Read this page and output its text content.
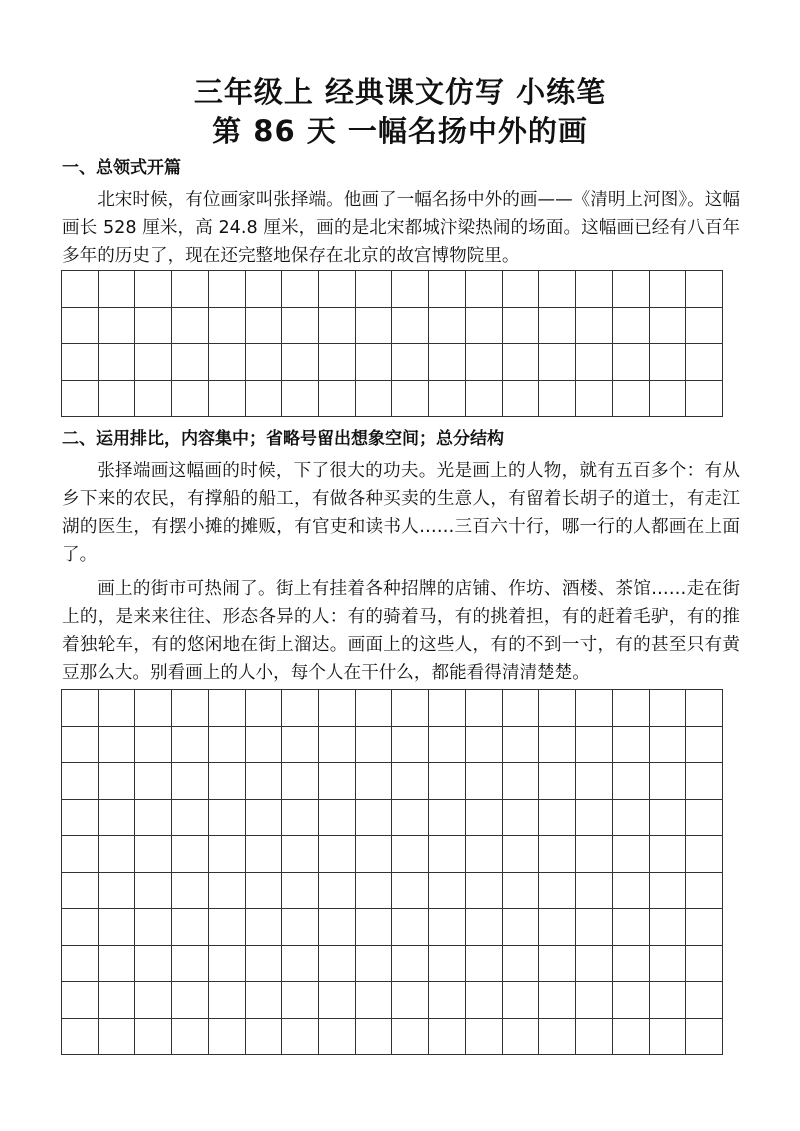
三年级上 经典课文仿写 小练笔
第 86 天 一幅名扬中外的画
一、总领式开篇

北宋时候，有位画家叫张择端。他画了一幅名扬中外的画——《清明上河图》。这幅画长 528 厘米，高 24.8 厘米，画的是北宋都城汴梁热闹的场面。这幅画已经有八百年多年的历史了，现在还完整地保存在北京的故宫博物院里。

二、运用排比，内容集中；省略号留出想象空间；总分结构

张择端画这幅画的时候，下了很大的功夫。光是画上的人物，就有五百多个：有从乡下来的农民，有撑船的船工，有做各种买卖的生意人，有留着长胡子的道士，有走江湖的医生，有摆小摊的摊贩，有官吏和读书人……三百六十行，哪一行的人都画在上面了。

画上的街市可热闹了。街上有挂着各种招牌的店铺、作坊、酒楼、茶馆……走在街上的，是来来往往、形态各异的人：有的骑着马，有的挑着担，有的赶着毛驴，有的推着独轮车，有的悠闲地在街上溜达。画面上的这些人，有的不到一寸，有的甚至只有黄豆那么大。别看画上的人小，每个人在干什么，都能看得清清楚楚。
